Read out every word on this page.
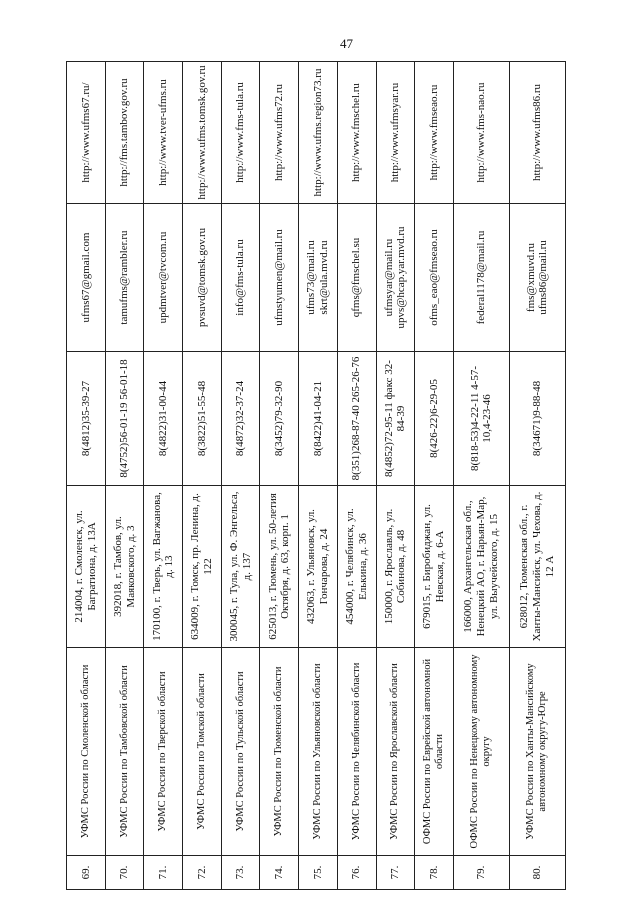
47
69.	УФМС России по Смоленской области	214004, г. Смоленск, ул. Багратиона, д. 13А	8(4812)35-39-27	ufms67@gmail.com	http://www.ufms67.ru/
70.	УФМС России по Тамбовской области	392018, г. Тамбов, ул. Маяковского, д. 3	8(4752)56-01-19 56-01-18	tamufms@rambler.ru	http://fms.tambov.gov.ru
71.	УФМС России по Тверской области	170100, г. Тверь, ул. Вагжанова, д. 13	8(4822)31-00-44	updmtver@tvcom.ru	http://www.tver-ufms.ru
72.	УФМС России по Томской области	634009, г. Томск, пр. Ленина, д. 122	8(3822)51-55-48	pvsuvd@tomsk.gov.ru	http://www.ufms.tomsk.gov.ru
73.	УФМС России по Тульской области	300045, г. Тула, ул. Ф. Энгельса, д. 137	8(4872)32-37-24	info@fms-tula.ru	http://www.fms-tula.ru
74.	УФМС России по Тюменской области	625013, г. Тюмень, ул. 50-летия Октября, д. 63, корп. 1	8(3452)79-32-90	ufmstyumen@mail.ru	http://www.ufms72.ru
75.	УФМС России по Ульяновской области	432063, г. Ульяновск, ул. Гончарова, д. 24	8(8422)41-04-21	ufms73@mail.ru skrt@ula.mvd.ru	http://www.ufms.region73.ru
76.	УФМС России по Челябинской области	454000, г. Челябинск, ул. Елькина, д. 36	8(351)268-87-40 265-26-76	qfms@fmschel.su	http://www.fmschel.ru
77.	УФМС России по Ярославской области	150000, г. Ярославль, ул. Собинова, д. 48	8(4852)72-95-11 факс 32-84-39	ufmsyar@mail.ru upvs@hcap.yar.mvd.ru	http://www.ufmsyar.ru
78.	ОФМС России по Еврейской автономной области	679015, г. Биробиджан, ул. Невская, д. 6-А	8(426-22)6-29-05	ofms_eao@fmseao.ru	http://www.fmseao.ru
79.	ОФМС России по Ненецкому автономному округу	166000, Архангельская обл., Ненецкий АО, г. Нарьян-Мар, ул. Выучейского, д. 15	8(818-53)4-22-11 4-57-10,4-23-46	federal1178@mail.ru	http://www.fms-nao.ru
80.	УФМС России по Ханты-Мансийскому автономному округу-Югре	628012, Тюменская обл., г. Ханты-Мансийск, ул. Чехова, д. 12 А	8(34671)9-88-48	fms@xmuvd.ru ufms86@mail.ru	http://www.ufms86.ru
